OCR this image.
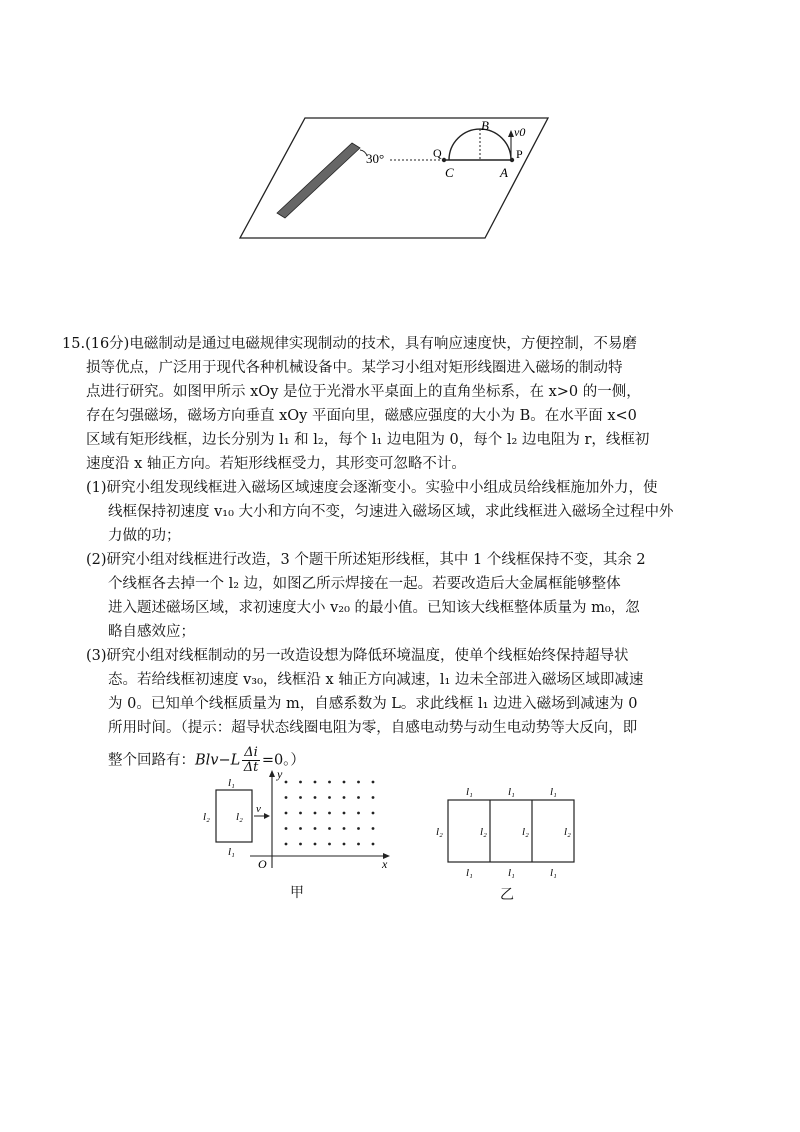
30°
B v0
Q	P
C	A
15.(16分)电磁制动是通过电磁规律实现制动的技术，具有响应速度快，方便控制，不易磨
损等优点，广泛用于现代各种机械设备中。某学习小组对矩形线圈进入磁场的制动特
点进行研究。如图甲所示 xOy 是位于光滑水平桌面上的直角坐标系，在 x>0 的一侧，
存在匀强磁场，磁场方向垂直 xOy 平面向里，磁感应强度的大小为 B。在水平面 x<0
区域有矩形线框，边长分别为 l₁ 和 l₂，每个 l₁ 边电阻为 0，每个 l₂ 边电阻为 r，线框初
速度沿 x 轴正方向。若矩形线框受力，其形变可忽略不计。
(1)研究小组发现线框进入磁场区域速度会逐渐变小。实验中小组成员给线框施加外力，使
线框保持初速度 v₁₀ 大小和方向不变，匀速进入磁场区域，求此线框进入磁场全过程中外
力做的功；
(2)研究小组对线框进行改造，3 个题干所述矩形线框，其中 1 个线框保持不变，其余 2
个线框各去掉一个 l₂ 边，如图乙所示焊接在一起。若要改造后大金属框能够整体
进入题述磁场区域，求初速度大小 v₂₀ 的最小值。已知该大线框整体质量为 m₀，忽
略自感效应；
(3)研究小组对线框制动的另一改造设想为降低环境温度，使单个线框始终保持超导状
态。若给线框初速度 v₃₀，线框沿 x 轴正方向减速，l₁ 边未全部进入磁场区域即减速
为 0。已知单个线框质量为 m，自感系数为 L。求此线框 l₁ 边进入磁场到减速为 0
所用时间。（提示：超导状态线圈电阻为零，自感电动势与动生电动势等大反向，即
整个回路有：$Blv-L \frac{\Delta i}{\Delta t} =0$。）
l₁
l₁
l₂ l₂
v
y
x
O
甲
l₁	l₁	l₁
l₁	l₁	l₁
l₂	l₂	l₂	l₂
乙
